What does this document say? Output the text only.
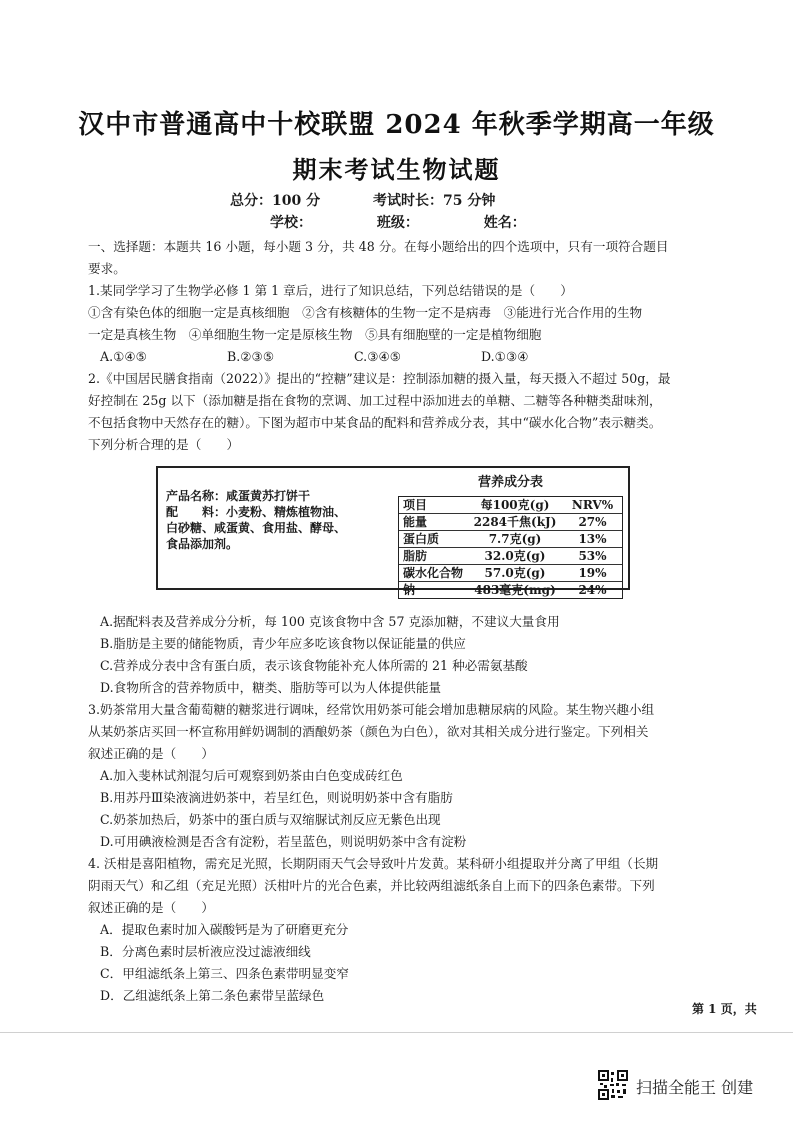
汉中市普通高中十校联盟 2024 年秋季学期高一年级
期末考试生物试题
总分：100 分	考试时长：75 分钟
学校：	班级：	姓名：
一、选择题：本题共 16 小题，每小题 3 分，共 48 分。在每小题给出的四个选项中，只有一项符合题目
要求。
1.某同学学习了生物学必修 1 第 1 章后，进行了知识总结，下列总结错误的是（　　）
①含有染色体的细胞一定是真核细胞　②含有核糖体的生物一定不是病毒　③能进行光合作用的生物
一定是真核生物　④单细胞生物一定是原核生物　⑤具有细胞壁的一定是植物细胞
A.①④⑤	B.②③⑤	C.③④⑤	D.①③④
2.《中国居民膳食指南（2022）》提出的“控糖”建议是：控制添加糖的摄入量，每天摄入不超过 50g，最
好控制在 25g 以下（添加糖是指在食物的烹调、加工过程中添加进去的单糖、二糖等各种糖类甜味剂，
不包括食物中天然存在的糖）。下图为超市中某食品的配料和营养成分表，其中“碳水化合物”表示糖类。
下列分析合理的是（　　）
产品名称：咸蛋黄苏打饼干
配　　料：小麦粉、精炼植物油、
白砂糖、咸蛋黄、食用盐、酵母、
食品添加剂。
营养成分表
项目	每100克(g)	NRV%
能量	2284千焦(kJ)	27%
蛋白质	7.7克(g)	13%
脂肪	32.0克(g)	53%
碳水化合物	57.0克(g)	19%
钠	483毫克(mg)	24%
A.据配料表及营养成分分析，每 100 克该食物中含 57 克添加糖，不建议大量食用
B.脂肪是主要的储能物质，青少年应多吃该食物以保证能量的供应
C.营养成分表中含有蛋白质，表示该食物能补充人体所需的 21 种必需氨基酸
D.食物所含的营养物质中，糖类、脂肪等可以为人体提供能量
3.奶茶常用大量含葡萄糖的糖浆进行调味，经常饮用奶茶可能会增加患糖尿病的风险。某生物兴趣小组
从某奶茶店买回一杯宣称用鲜奶调制的酒酿奶茶（颜色为白色），欲对其相关成分进行鉴定。下列相关
叙述正确的是（　　）
A.加入斐林试剂混匀后可观察到奶茶由白色变成砖红色
B.用苏丹Ⅲ染液滴进奶茶中，若呈红色，则说明奶茶中含有脂肪
C.奶茶加热后，奶茶中的蛋白质与双缩脲试剂反应无紫色出现
D.可用碘液检测是否含有淀粉，若呈蓝色，则说明奶茶中含有淀粉
4. 沃柑是喜阳植物，需充足光照，长期阴雨天气会导致叶片发黄。某科研小组提取并分离了甲组（长期
阴雨天气）和乙组（充足光照）沃柑叶片的光合色素，并比较两组滤纸条自上而下的四条色素带。下列
叙述正确的是（　　）
A．提取色素时加入碳酸钙是为了研磨更充分
B．分离色素时层析液应没过滤液细线
C．甲组滤纸条上第三、四条色素带明显变窄
D．乙组滤纸条上第二条色素带呈蓝绿色
第 1 页，共
扫描全能王 创建
